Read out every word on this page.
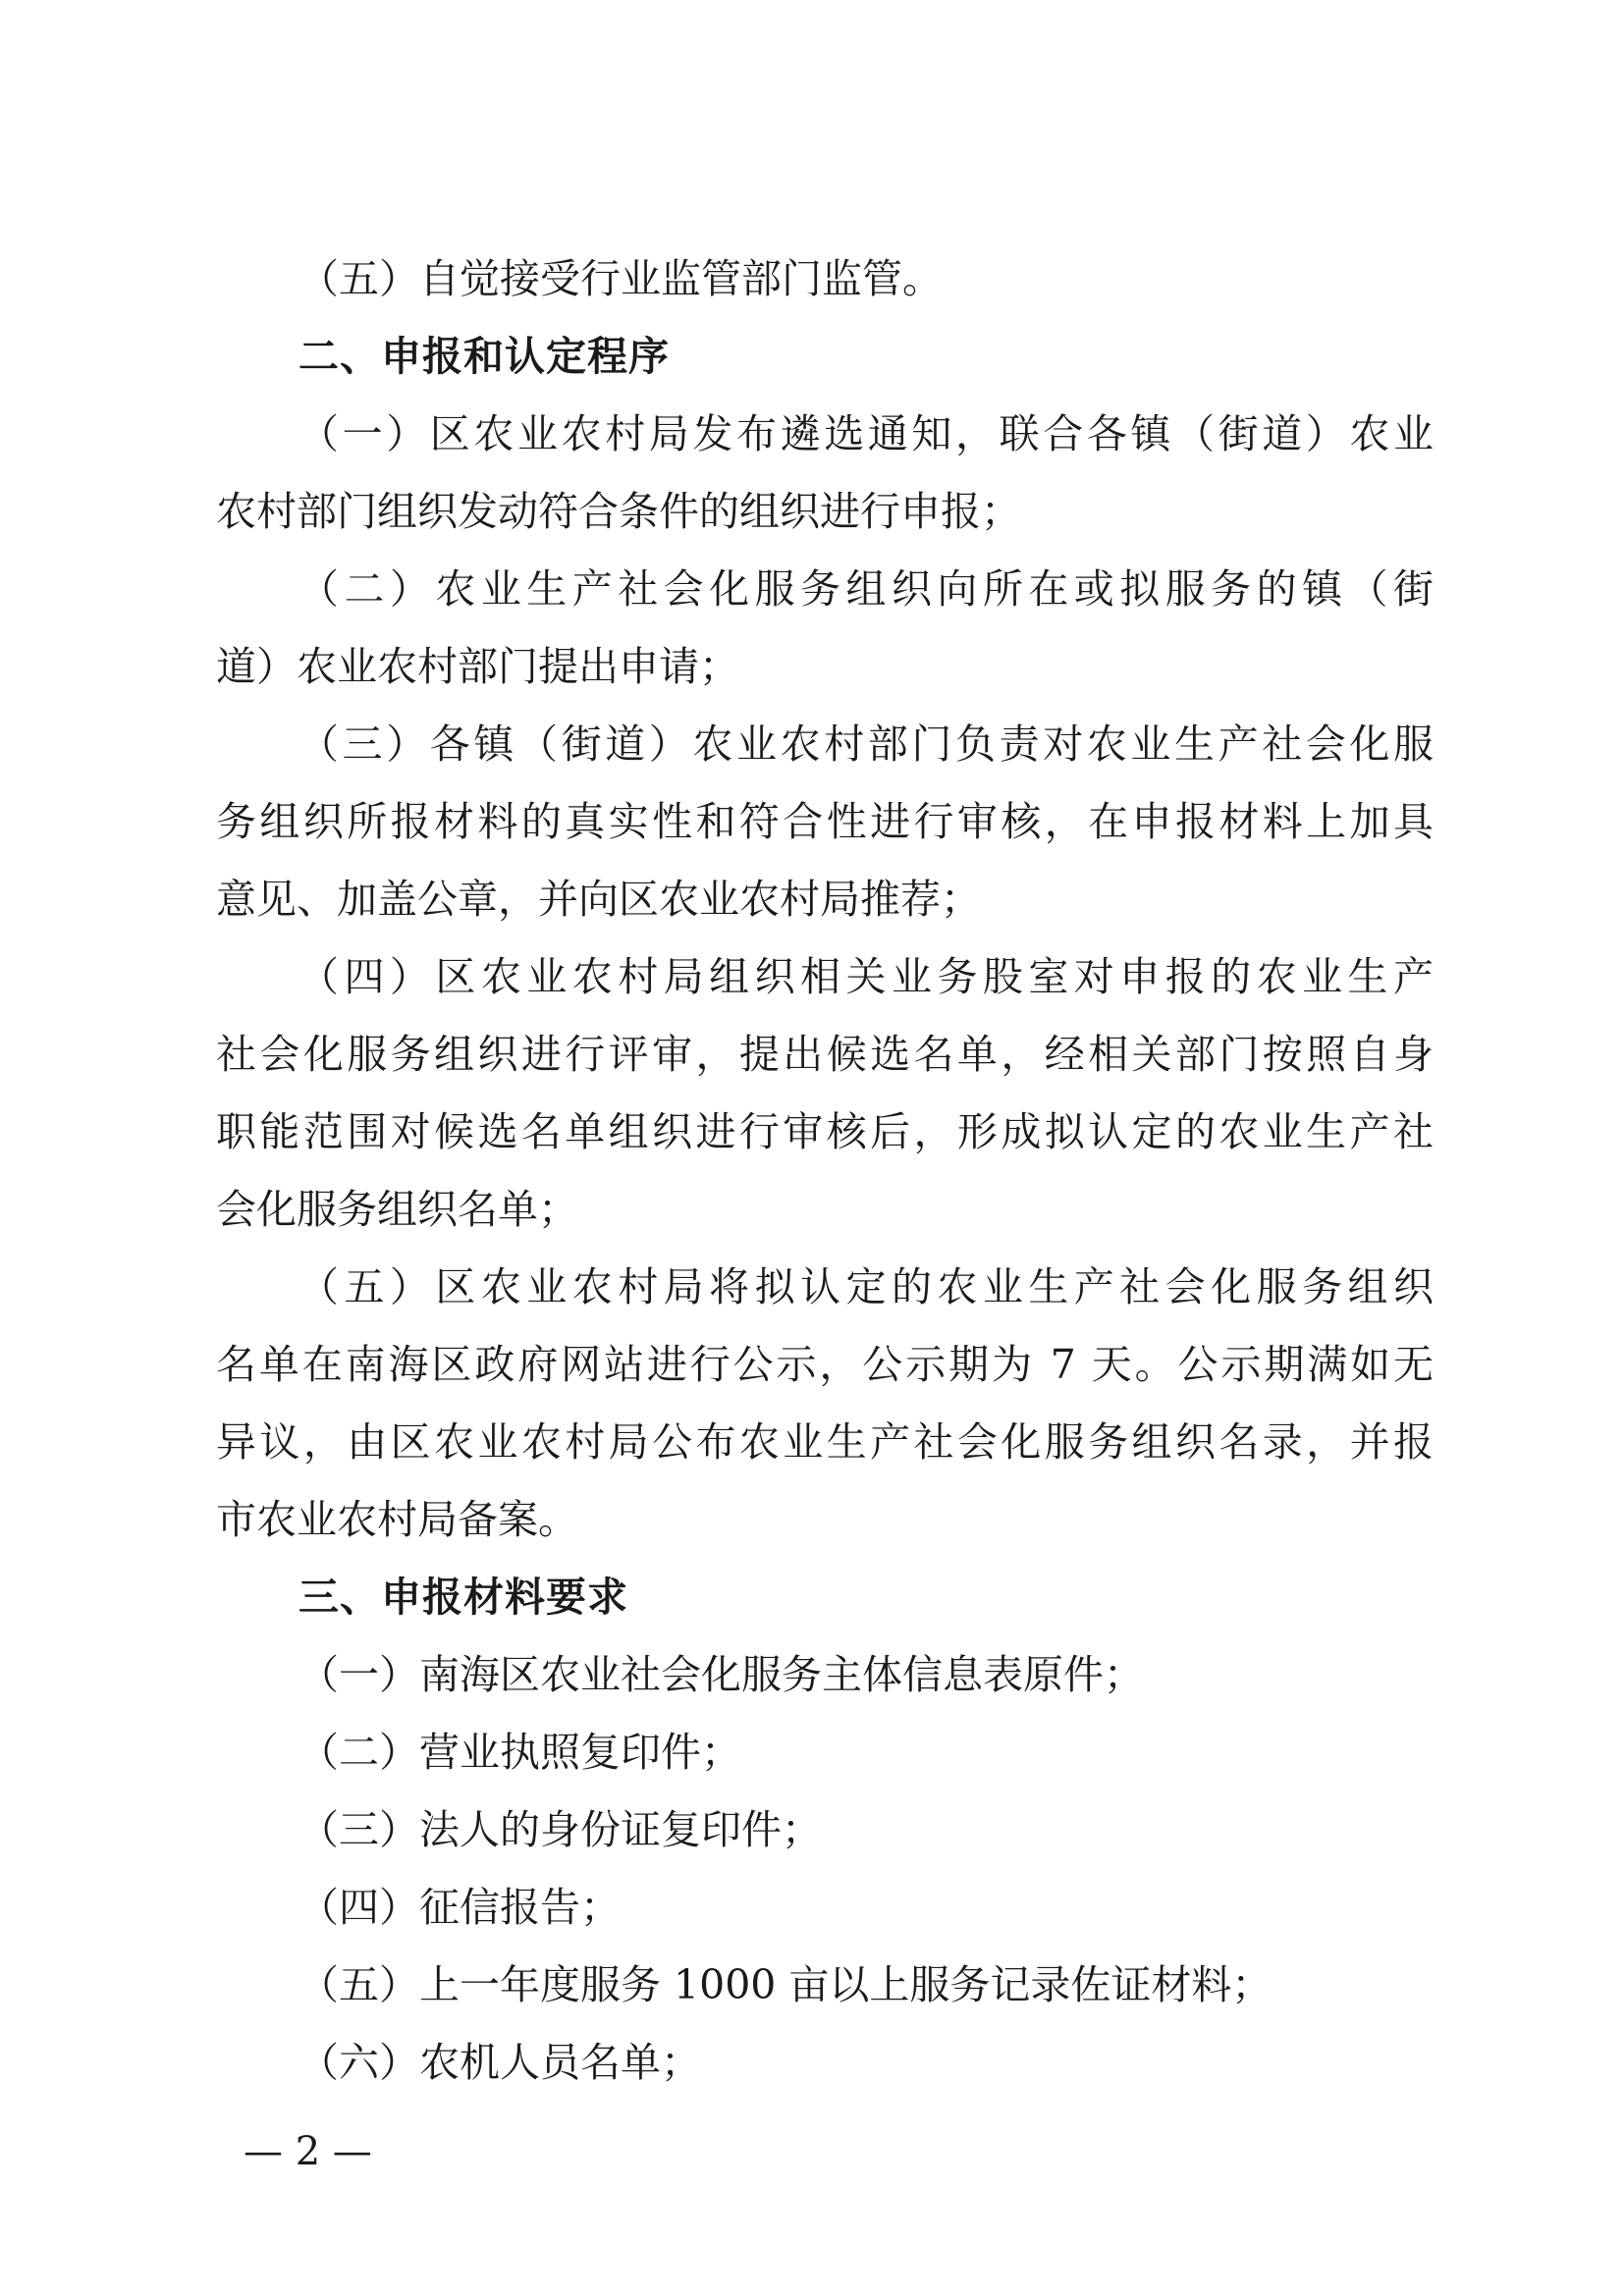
（五）自觉接受行业监管部门监管。
二、申报和认定程序
（一）区农业农村局发布遴选通知，联合各镇（街道）农业
农村部门组织发动符合条件的组织进行申报；
（二）农业生产社会化服务组织向所在或拟服务的镇（街
道）农业农村部门提出申请；
（三）各镇（街道）农业农村部门负责对农业生产社会化服
务组织所报材料的真实性和符合性进行审核，在申报材料上加具
意见、加盖公章，并向区农业农村局推荐；
（四）区农业农村局组织相关业务股室对申报的农业生产
社会化服务组织进行评审，提出候选名单，经相关部门按照自身
职能范围对候选名单组织进行审核后，形成拟认定的农业生产社
会化服务组织名单；
（五）区农业农村局将拟认定的农业生产社会化服务组织
名单在南海区政府网站进行公示，公示期为 7 天。公示期满如无
异议，由区农业农村局公布农业生产社会化服务组织名录，并报
市农业农村局备案。
三、申报材料要求
（一）南海区农业社会化服务主体信息表原件；
（二）营业执照复印件；
（三）法人的身份证复印件；
（四）征信报告；
（五）上一年度服务 1000 亩以上服务记录佐证材料；
（六）农机人员名单；
— 2 —
